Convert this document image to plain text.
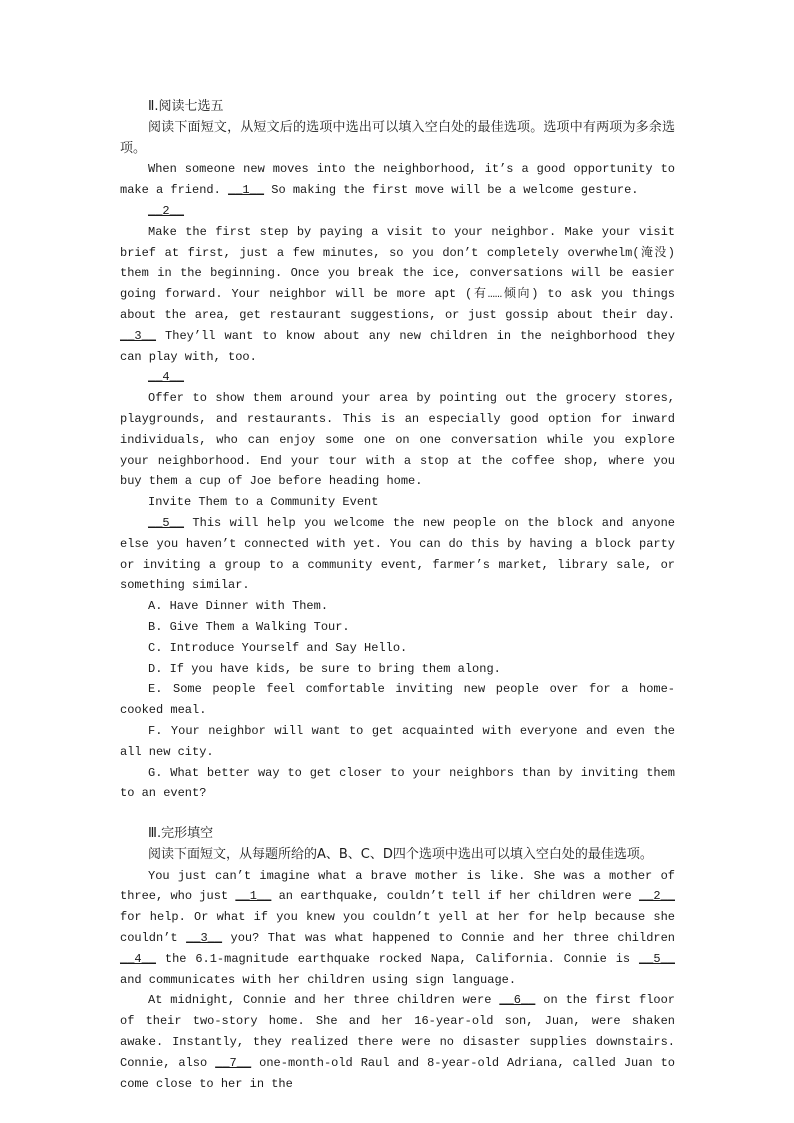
Ⅱ.阅读七选五

阅读下面短文，从短文后的选项中选出可以填入空白处的最佳选项。选项中有两项为多余选项。

When someone new moves into the neighborhood, it’s a good opportunity to make a friend. __1__ So making the first move will be a welcome gesture.

__2__

Make the first step by paying a visit to your neighbor. Make your visit brief at first, just a few minutes, so you don’t completely overwhelm(淹没) them in the beginning. Once you break the ice, conversations will be easier going forward. Your neighbor will be more apt (有……倾向) to ask you things about the area, get restaurant suggestions, or just gossip about their day. __3__ They’ll want to know about any new children in the neighborhood they can play with, too.

__4__

Offer to show them around your area by pointing out the grocery stores, playgrounds, and restaurants. This is an especially good option for inward individuals, who can enjoy some one on one conversation while you explore your neighborhood. End your tour with a stop at the coffee shop, where you buy them a cup of Joe before heading home.

Invite Them to a Community Event

__5__ This will help you welcome the new people on the block and anyone else you haven’t connected with yet. You can do this by having a block party or inviting a group to a community event, farmer’s market, library sale, or something similar.

A. Have Dinner with Them.

B. Give Them a Walking Tour.

C. Introduce Yourself and Say Hello.

D. If you have kids, be sure to bring them along.

E. Some people feel comfortable inviting new people over for a home-cooked meal.

F. Your neighbor will want to get acquainted with everyone and even the all new city.

G. What better way to get closer to your neighbors than by inviting them to an event?

Ⅲ.完形填空

阅读下面短文，从每题所给的A、B、C、D四个选项中选出可以填入空白处的最佳选项。

You just can’t imagine what a brave mother is like. She was a mother of three, who just __1__ an earthquake, couldn’t tell if her children were __2__ for help. Or what if you knew you couldn’t yell at her for help because she couldn’t __3__ you? That was what happened to Connie and her three children __4__ the 6.1-magnitude earthquake rocked Napa, California. Connie is __5__ and communicates with her children using sign language.

At midnight, Connie and her three children were __6__ on the first floor of their two-story home. She and her 16-year-old son, Juan, were shaken awake. Instantly, they realized there were no disaster supplies downstairs. Connie, also __7__ one-month-old Raul and 8-year-old Adriana, called Juan to come close to her in the
